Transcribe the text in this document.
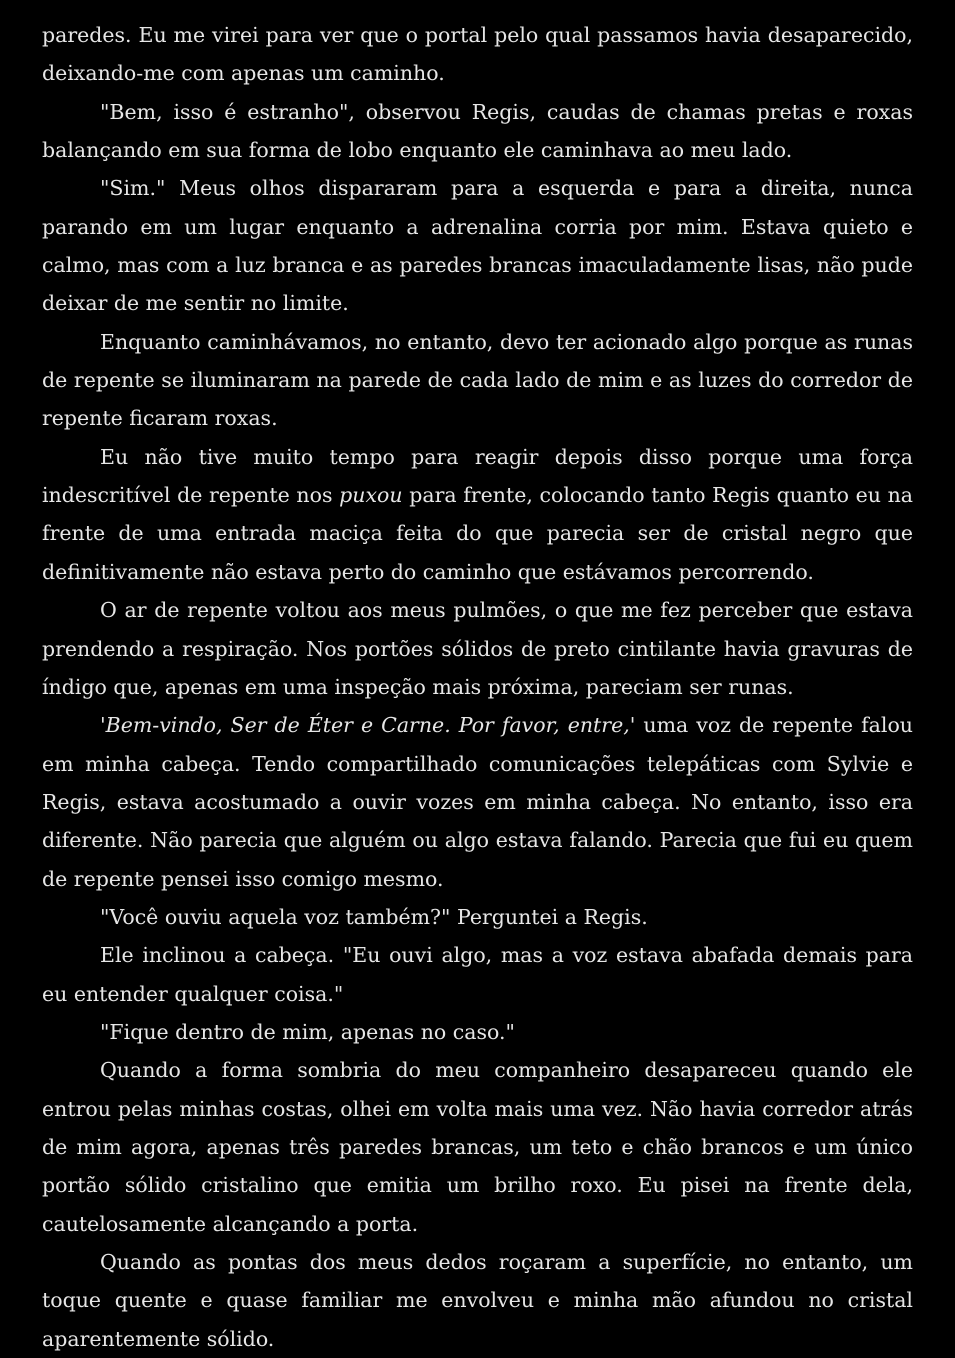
paredes. Eu me virei para ver que o portal pelo qual passamos havia desaparecido, deixando-me com apenas um caminho.

"Bem, isso é estranho", observou Regis, caudas de chamas pretas e roxas balançando em sua forma de lobo enquanto ele caminhava ao meu lado.

"Sim." Meus olhos dispararam para a esquerda e para a direita, nunca parando em um lugar enquanto a adrenalina corria por mim. Estava quieto e calmo, mas com a luz branca e as paredes brancas imaculadamente lisas, não pude deixar de me sentir no limite.

Enquanto caminhávamos, no entanto, devo ter acionado algo porque as runas de repente se iluminaram na parede de cada lado de mim e as luzes do corredor de repente ficaram roxas.

Eu não tive muito tempo para reagir depois disso porque uma força indescritível de repente nos puxou para frente, colocando tanto Regis quanto eu na frente de uma entrada maciça feita do que parecia ser de cristal negro que definitivamente não estava perto do caminho que estávamos percorrendo.

O ar de repente voltou aos meus pulmões, o que me fez perceber que estava prendendo a respiração. Nos portões sólidos de preto cintilante havia gravuras de índigo que, apenas em uma inspeção mais próxima, pareciam ser runas.

'Bem-vindo, Ser de Éter e Carne. Por favor, entre,' uma voz de repente falou em minha cabeça. Tendo compartilhado comunicações telepáticas com Sylvie e Regis, estava acostumado a ouvir vozes em minha cabeça. No entanto, isso era diferente. Não parecia que alguém ou algo estava falando. Parecia que fui eu quem de repente pensei isso comigo mesmo.

"Você ouviu aquela voz também?" Perguntei a Regis.

Ele inclinou a cabeça. "Eu ouvi algo, mas a voz estava abafada demais para eu entender qualquer coisa."

"Fique dentro de mim, apenas no caso."

Quando a forma sombria do meu companheiro desapareceu quando ele entrou pelas minhas costas, olhei em volta mais uma vez. Não havia corredor atrás de mim agora, apenas três paredes brancas, um teto e chão brancos e um único portão sólido cristalino que emitia um brilho roxo. Eu pisei na frente dela, cautelosamente alcançando a porta.

Quando as pontas dos meus dedos roçaram a superfície, no entanto, um toque quente e quase familiar me envolveu e minha mão afundou no cristal aparentemente sólido.
